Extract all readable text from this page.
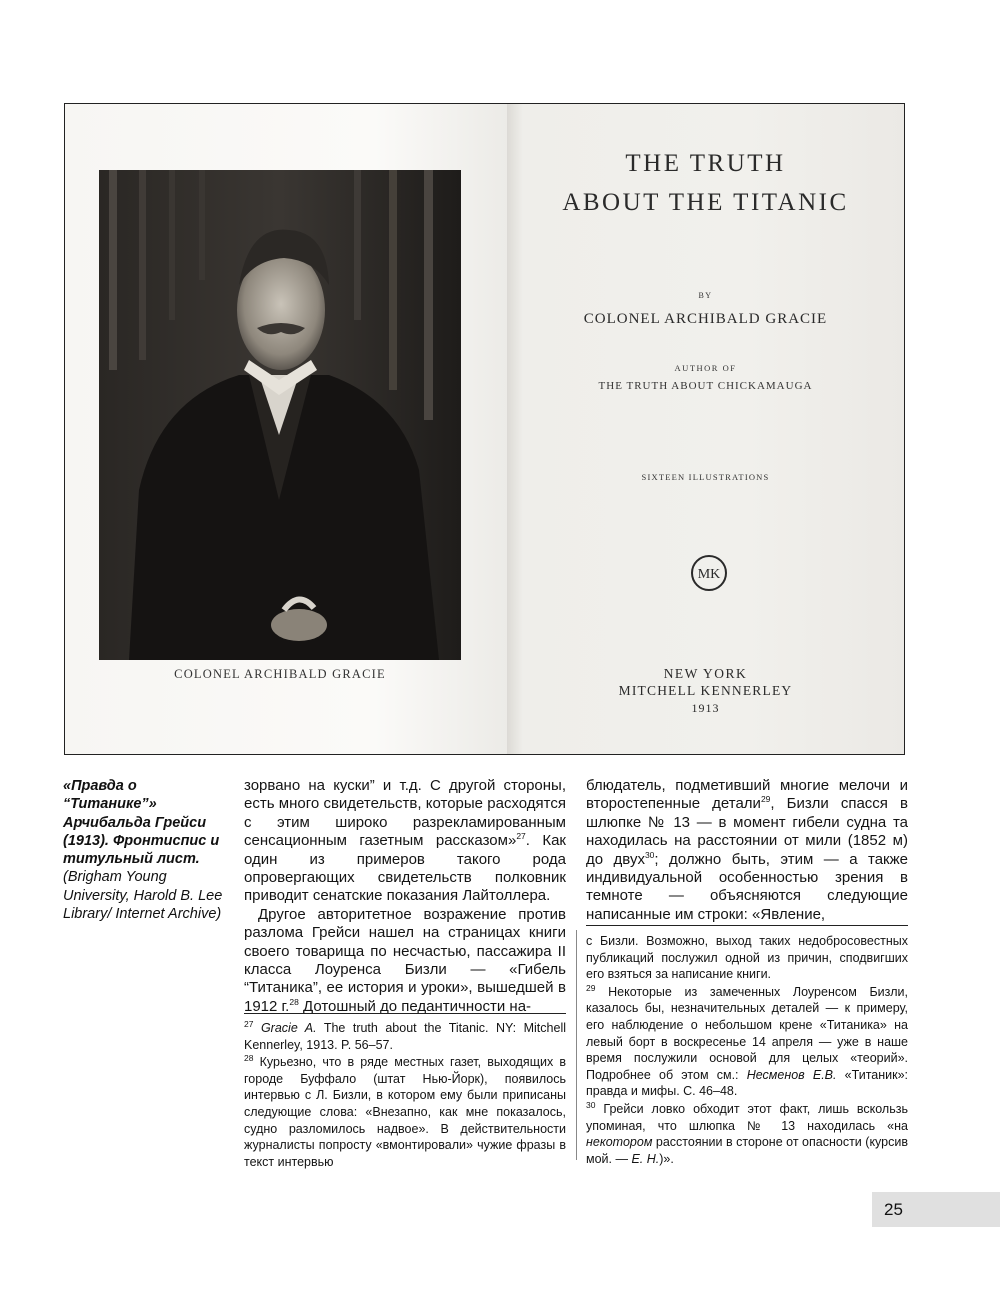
COLONEL ARCHIBALD GRACIE
THE TRUTH
ABOUT THE TITANIC
BY
COLONEL ARCHIBALD GRACIE
AUTHOR OF
THE TRUTH ABOUT CHICKAMAUGA
SIXTEEN ILLUSTRATIONS
MK
NEW YORK
MITCHELL KENNERLEY
1913
«Правда о “Титанике”» Арчибальда Грейси (1913). Фронтиспис и титульный лист. (Brigham Young University, Harold B. Lee Library/ Internet Archive)

зорвано на куски” и т.д. С другой стороны, есть много свидетельств, которые расходятся с этим широко разрекламированным сенсационным газетным рассказом»$^{27}$. Как один из примеров такого рода опровергающих свидетельств полковник приводит сенатские показания Лайтоллера.

Другое авторитетное возражение против разлома Грейси нашел на страницах книги своего товарища по несчастью, пассажира II класса Лоуренса Бизли — «Гибель “Титаника”, ее история и уроки», вышедшей в 1912 г.$^{28}$ Дотошный до педантичности на-

$^{27}$ Gracie A. The truth about the Titanic. NY: Mitchell Kennerley, 1913. P. 56–57.

$^{28}$ Курьезно, что в ряде местных газет, выходящих в городе Буффало (штат Нью-Йорк), появилось интервью с Л. Бизли, в котором ему были приписаны следующие слова: «Внезапно, как мне показалось, судно разломилось надвое». В действительности журналисты попросту «вмонтировали» чужие фразы в текст интервью

блюдатель, подметивший многие мелочи и второстепенные детали$^{29}$, Бизли спасся в шлюпке № 13 — в момент гибели судна та находилась на расстоянии от мили (1852 м) до двух$^{30}$; должно быть, этим — а также индивидуальной особенностью зрения в темноте — объясняются следующие написанные им строки: «Явление,

с Бизли. Возможно, выход таких недобросовестных публикаций послужил одной из причин, сподвигших его взяться за написание книги.

$^{29}$ Некоторые из замеченных Лоуренсом Бизли, казалось бы, незначительных деталей — к примеру, его наблюдение о небольшом крене «Титаника» на левый борт в воскресенье 14 апреля — уже в наше время послужили основой для целых «теорий». Подробнее об этом см.: Несменов Е.В. «Титаник»: правда и мифы. С. 46–48.

$^{30}$ Грейси ловко обходит этот факт, лишь вскользь упоминая, что шлюпка № 13 находилась «на некотором расстоянии в стороне от опасности (курсив мой. — Е. Н.)».

25
